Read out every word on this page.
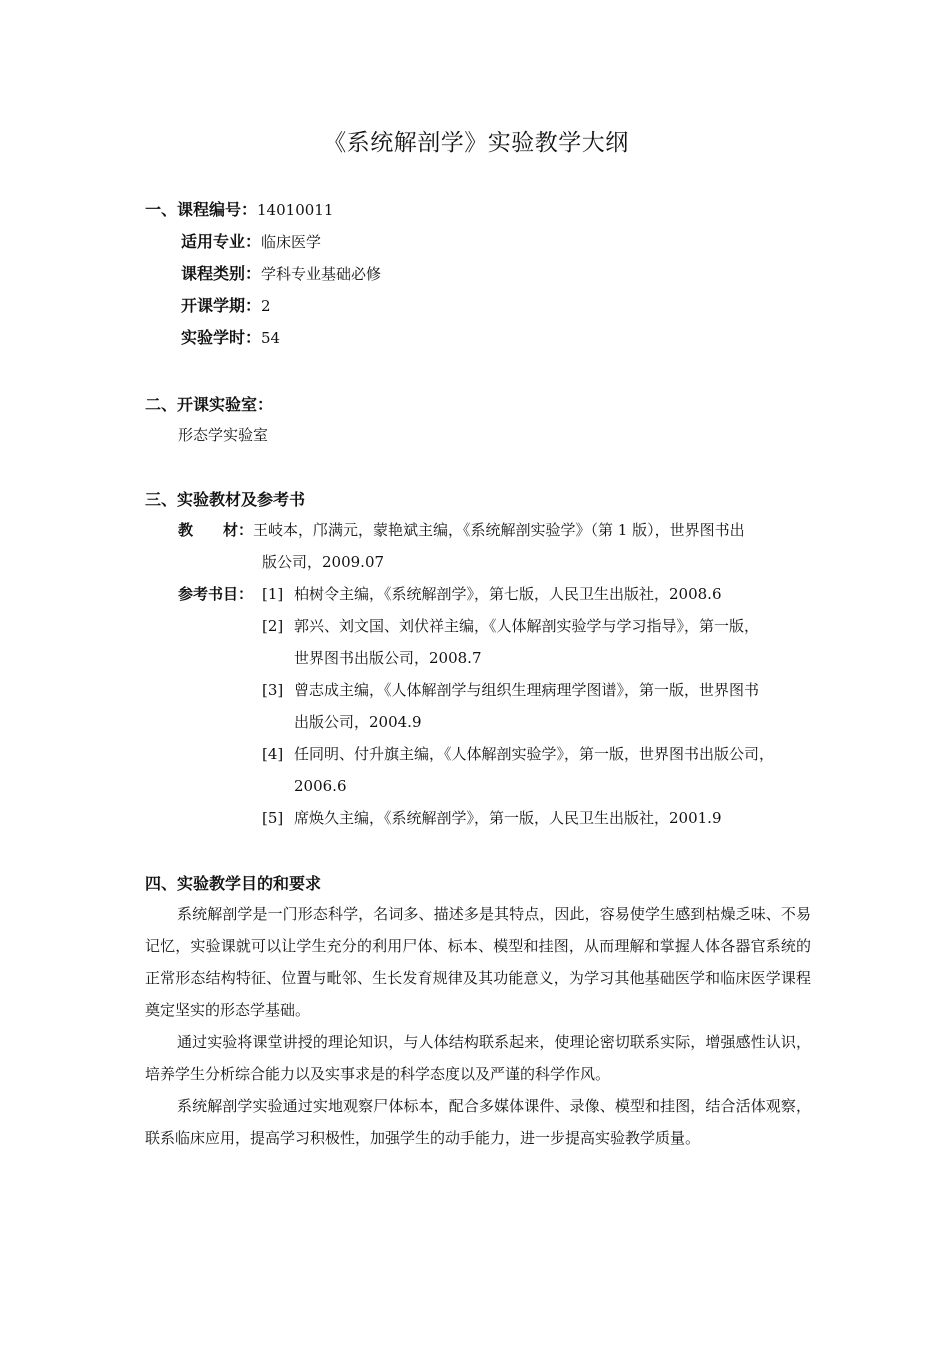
《系统解剖学》实验教学大纲
一、课程编号：14010011
适用专业：临床医学
课程类别：学科专业基础必修
开课学期：2
实验学时：54
二、开课实验室：
形态学实验室
三、实验教材及参考书
教　　材：王岐本，邝满元，蒙艳斌主编，《系统解剖实验学》（第 1 版），世界图书出
版公司，2009.07
参考书目： [1] 柏树令主编，《系统解剖学》，第七版，人民卫生出版社，2008.6
[2] 郭兴、刘文国、刘伏祥主编，《人体解剖实验学与学习指导》，第一版，
世界图书出版公司，2008.7
[3] 曾志成主编，《人体解剖学与组织生理病理学图谱》，第一版，世界图书
出版公司，2004.9
[4] 任同明、付升旗主编，《人体解剖实验学》，第一版，世界图书出版公司，
2006.6
[5] 席焕久主编，《系统解剖学》，第一版，人民卫生出版社，2001.9
四、实验教学目的和要求
系统解剖学是一门形态科学，名词多、描述多是其特点，因此，容易使学生感到枯燥乏味、不易记忆，实验课就可以让学生充分的利用尸体、标本、模型和挂图，从而理解和掌握人体各器官系统的正常形态结构特征、位置与毗邻、生长发育规律及其功能意义，为学习其他基础医学和临床医学课程奠定坚实的形态学基础。
通过实验将课堂讲授的理论知识，与人体结构联系起来，使理论密切联系实际，增强感性认识，培养学生分析综合能力以及实事求是的科学态度以及严谨的科学作风。
系统解剖学实验通过实地观察尸体标本，配合多媒体课件、录像、模型和挂图，结合活体观察，联系临床应用，提高学习积极性，加强学生的动手能力，进一步提高实验教学质量。
